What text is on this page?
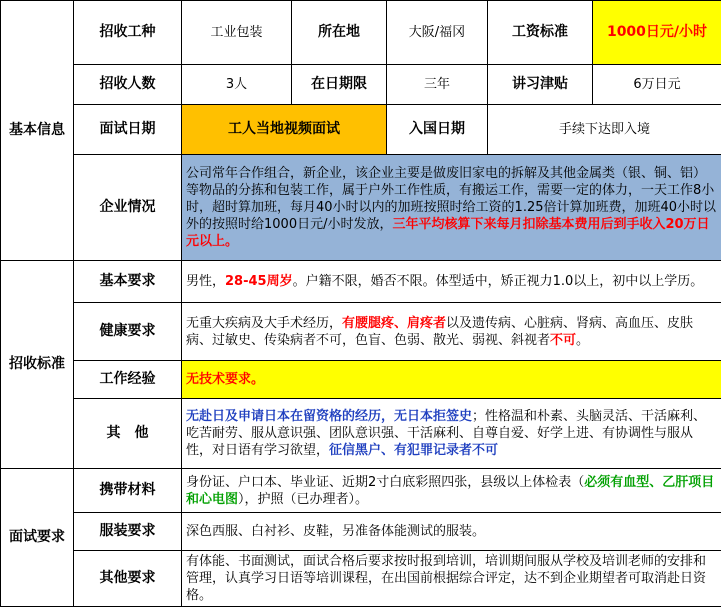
基本信息	招收工种	工业包装	所在地	大阪/福冈	工资标准	1000日元/小时
	招收人数	3人	在日期限	三年	讲习津贴	6万日元
	面试日期	工人当地视频面试		入国日期	手续下达即入境	
	企业情况	公司常年合作组合，新企业，该企业主要是做废旧家电的拆解及其他金属类（银、铜、铝）等物品的分拣和包装工作，属于户外工作性质，有搬运工作，需要一定的体力，一天工作8小时，超时算加班，每月40小时以内的加班按照时给工资的1.25倍计算加班费，加班40小时以外的按照时给1000日元/小时发放，三年平均核算下来每月扣除基本费用后到手收入20万日元以上。				
招收标准	基本要求	男性，28-45周岁。户籍不限，婚否不限。体型适中，矫正视力1.0以上，初中以上学历。				
	健康要求	无重大疾病及大手术经历，有腰腿疼、肩疼者以及遗传病、心脏病、肾病、高血压、皮肤病、过敏史、传染病者不可，色盲、色弱、散光、弱视、斜视者不可。				
	工作经验	无技术要求。				
	其　他	无赴日及申请日本在留资格的经历，无日本拒签史；性格温和朴素、头脑灵活、干活麻利、吃苦耐劳、服从意识强、团队意识强、干活麻利、自尊自爱、好学上进、有协调性与服从性，对日语有学习欲望，征信黑户、有犯罪记录者不可				
面试要求	携带材料	身份证、户口本、毕业证、近期2寸白底彩照四张，县级以上体检表（必须有血型、乙肝项目和心电图），护照（已办理者）。				
	服装要求	深色西服、白衬衫、皮鞋，另准备体能测试的服装。				
	其他要求	有体能、书面测试，面试合格后要求按时报到培训，培训期间服从学校及培训老师的安排和管理，认真学习日语等培训课程，在出国前根据综合评定，达不到企业期望者可取消赴日资格。				
